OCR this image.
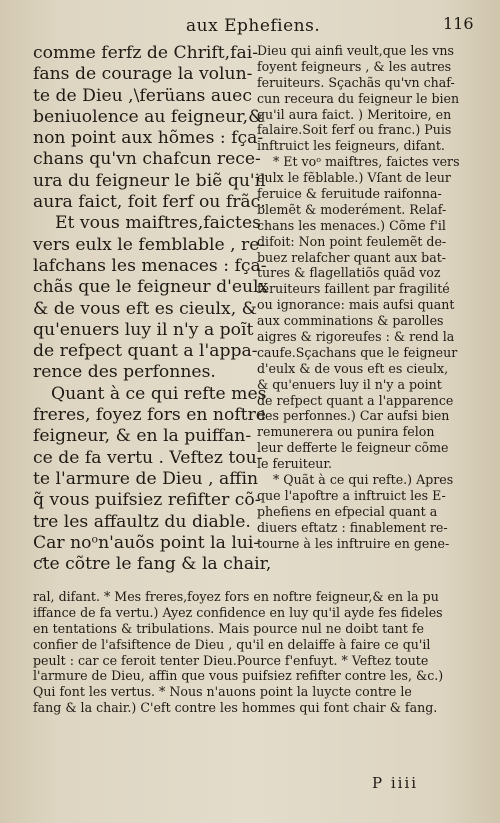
aux Ephefiens.	116
comme ferfz de Chrift,fai-
fans de courage la volun-
te de Dieu ,\ferüans auec
beniuolence au feigneur,&
non point aux hõmes : fça-
chans qu'vn chafcun rece-
ura du feigneur le biẽ qu'il
aura faict, foit ferf ou frãc.
Et vous maiftres,faictes
vers eulx le femblable , re-
lafchans les menaces : fça-
chãs que le feigneur d'eulx
& de vous eft es cieulx, &
qu'enuers luy il n'y a poĩt
de refpect quant a l'appa-
rence des perfonnes.
Quant à ce qui refte mes
freres, foyez fors en noftre
feigneur, & en la puiffan-
ce de fa vertu . Veftez tou-
te l'armure de Dieu , affin
q̃ vous puifsiez refifter cõ-
tre les affaultz du diable.
Car noᵒn'auõs point la lui-
ƈte cõtre le fang & la chair,
Dieu qui ainfi veult,que les vns
foyent feigneurs , & les autres
feruiteurs. Sçachãs qu'vn chaf-
cun receura du feigneur le bien
qu'il aura faict. ) Meritoire, en
falaire.Soit ferf ou franc.) Puis
inftruict les feigneurs, difant.
* Et voᵒ maiftres, faictes vers
eulx le fẽblable.) Vſant de leur
feruice & feruitude raifonna-
blemẽt & moderément. Relaf-
chans les menaces.) Cõme f'il
difoit: Non point feulemẽt de-
buez relafcher quant aux bat-
tures & flagellatiõs quãd voz
feruiteurs faillent par fragilité
ou ignorance: mais aufsi quant
aux comminations & parolles
aigres & rigoreufes : & rend la
caufe.Sçachans que le feigneur
d'eulx & de vous eft es cieulx,
& qu'enuers luy il n'y a point
de refpect quant a l'apparence
des perfonnes.) Car aufsi bien
remunerera ou punira felon
leur defferte le feigneur cõme
le feruiteur.
* Quãt à ce qui refte.) Apres
que l'apoftre a inftruict les E-
phefiens en efpecial quant a
diuers eftatz : finablement re-
tourne à les inftruire en gene-
ral, difant. * Mes freres,foyez fors en noftre feigneur,& en la pu
iffance de fa vertu.) Ayez confidence en luy qu'il ayde fes fideles
en tentations & tribulations. Mais pource nul ne doibt tant fe
confier de l'afsiftence de Dieu , qu'il en delaiffe à faire ce qu'il
peult : car ce feroit tenter Dieu.Pource f'enfuyt. * Veftez toute
l'armure de Dieu, affin que vous puifsiez refifter contre les, &c.)
Qui font les vertus. * Nous n'auons point la luycte contre le
fang & la chair.) C'eft contre les hommes qui font chair & fang.
P iiii
